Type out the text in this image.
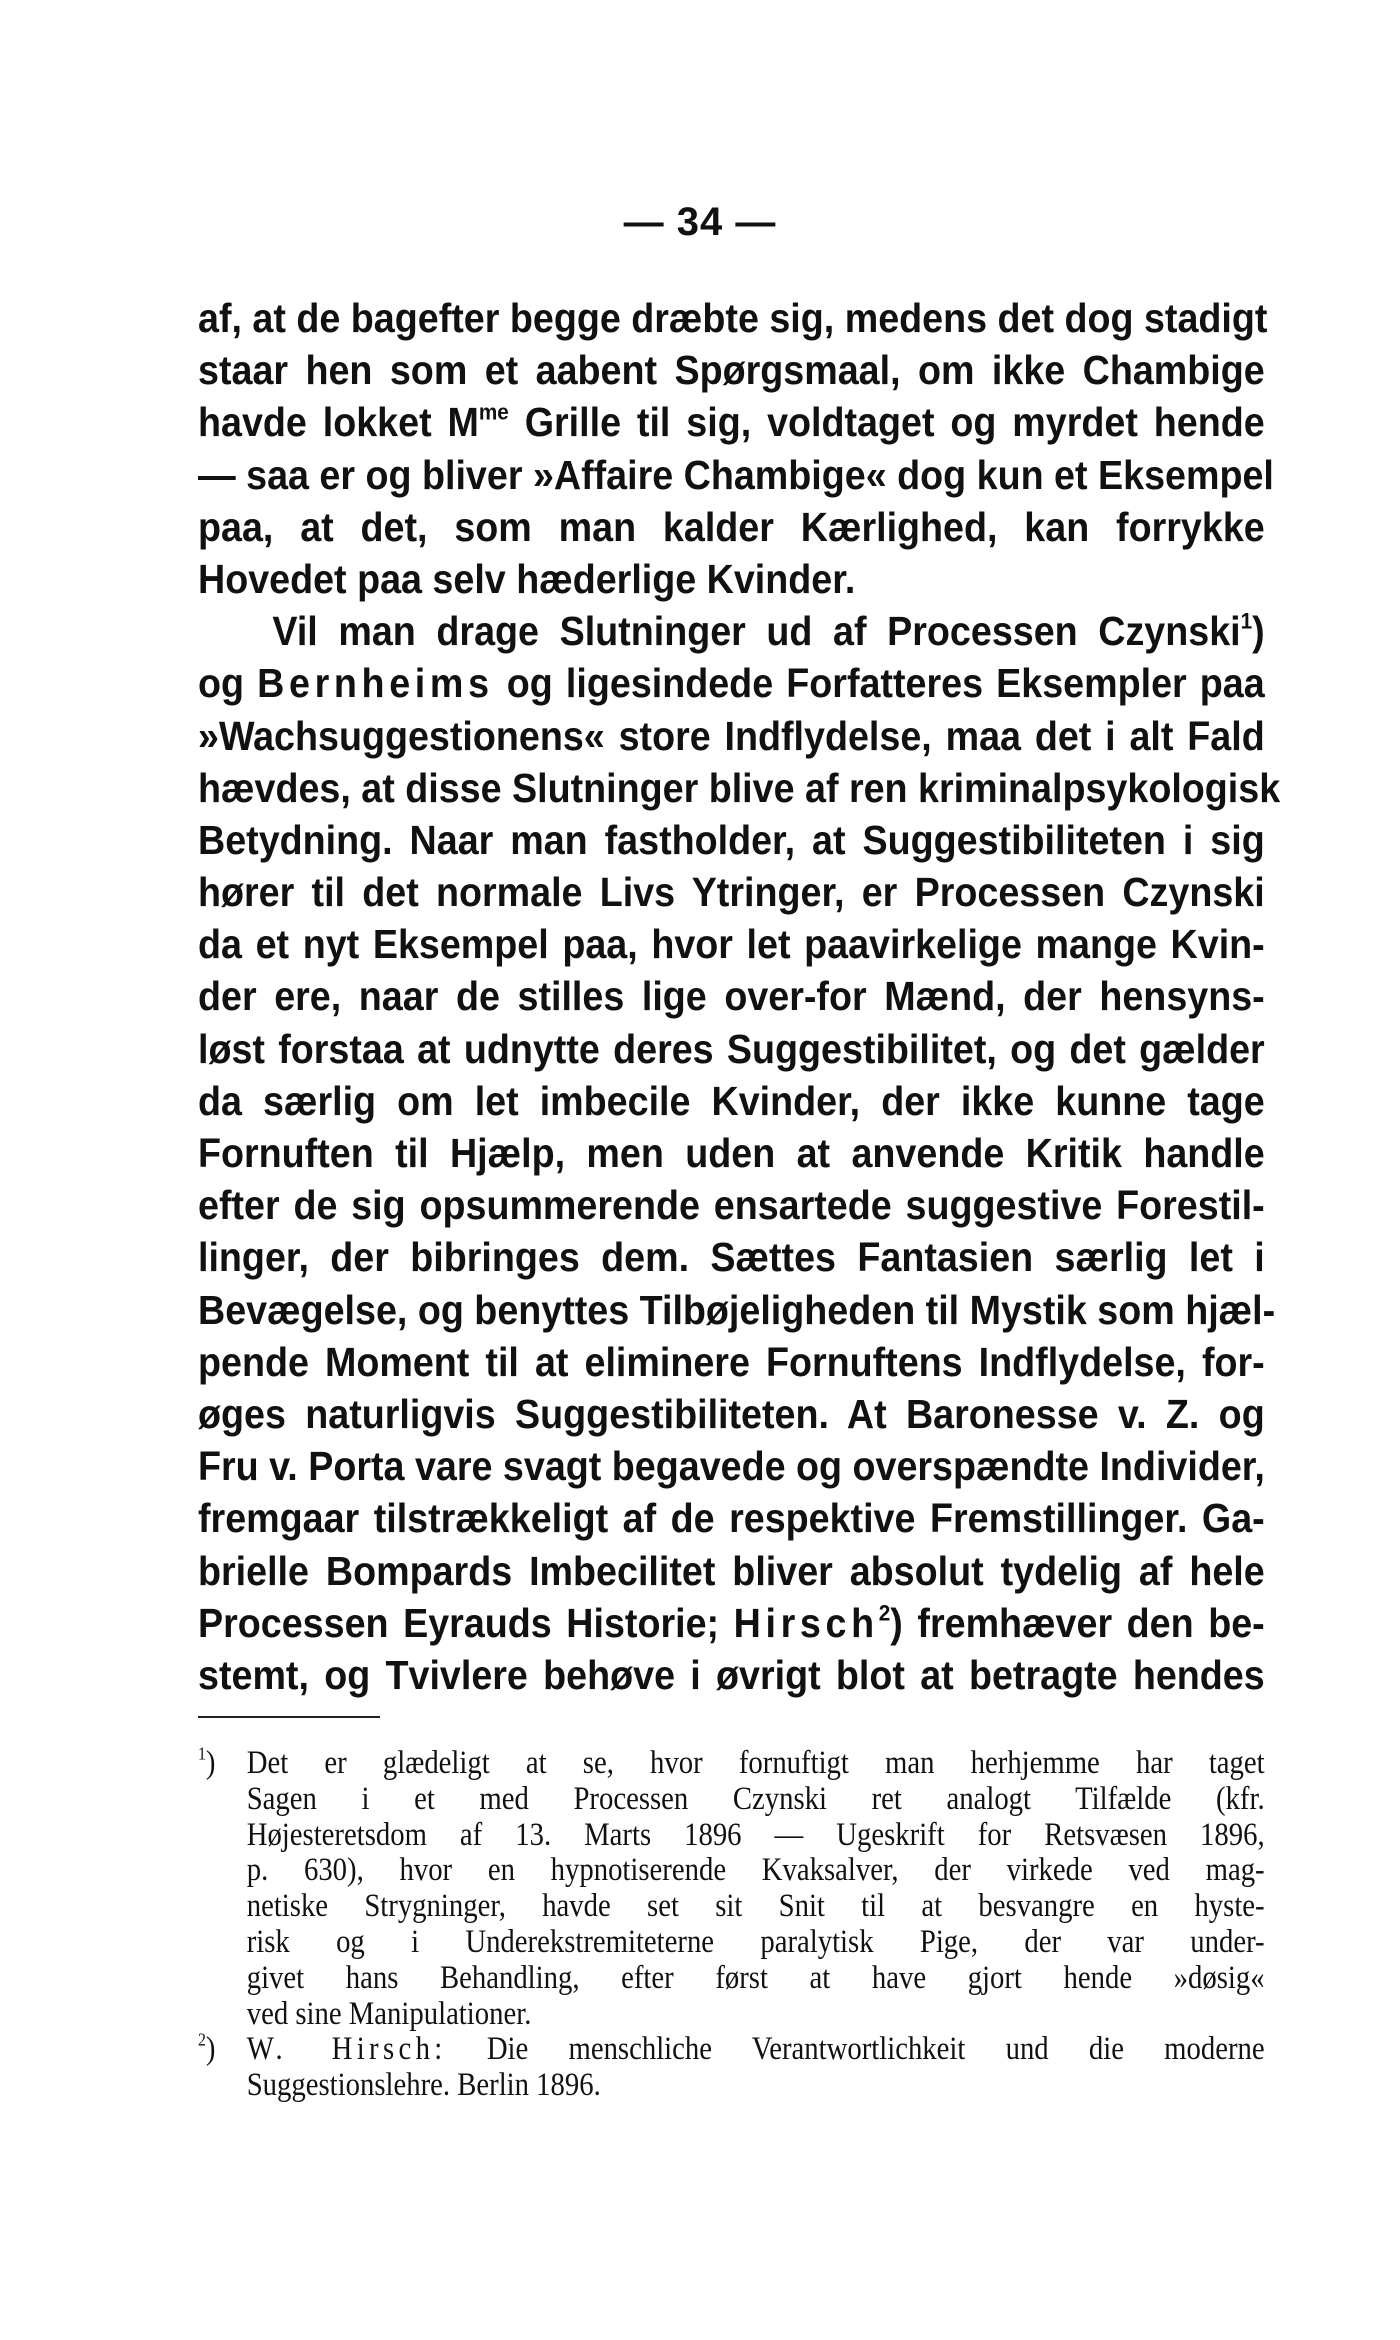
— 34 —
af, at de bagefter begge dræbte sig, medens det dog stadigt
staar hen som et aabent Spørgsmaal, om ikke Chambige
havde lokket $M^{me}$ Grille til sig, voldtaget og myrdet hende
— saa er og bliver »Affaire Chambige« dog kun et Eksempel
paa, at det, som man kalder Kærlighed, kan forrykke
Hovedet paa selv hæderlige Kvinder.
Vil man drage Slutninger ud af Processen Czynski$^1$)
og Bernheims og ligesindede Forfatteres Eksempler paa
»Wachsuggestionens« store Indflydelse, maa det i alt Fald
hævdes, at disse Slutninger blive af ren kriminalpsykologisk
Betydning. Naar man fastholder, at Suggestibiliteten i sig
hører til det normale Livs Ytringer, er Processen Czynski
da et nyt Eksempel paa, hvor let paavirkelige mange Kvin-
der ere, naar de stilles lige over-for Mænd, der hensyns-
løst forstaa at udnytte deres Suggestibilitet, og det gælder
da særlig om let imbecile Kvinder, der ikke kunne tage
Fornuften til Hjælp, men uden at anvende Kritik handle
efter de sig opsummerende ensartede suggestive Forestil-
linger, der bibringes dem. Sættes Fantasien særlig let i
Bevægelse, og benyttes Tilbøjeligheden til Mystik som hjæl-
pende Moment til at eliminere Fornuftens Indflydelse, for-
øges naturligvis Suggestibiliteten. At Baronesse v. Z. og
Fru v. Porta vare svagt begavede og overspændte Individer,
fremgaar tilstrækkeligt af de respektive Fremstillinger. Ga-
brielle Bompards Imbecilitet bliver absolut tydelig af hele
Processen Eyrauds Historie; Hirsch$^2$) fremhæver den be-
stemt, og Tvivlere behøve i øvrigt blot at betragte hendes
$^1$) Det er glædeligt at se, hvor fornuftigt man herhjemme har taget
Sagen i et med Processen Czynski ret analogt Tilfælde (kfr.
Højesteretsdom af 13. Marts 1896 — Ugeskrift for Retsvæsen 1896,
p. 630), hvor en hypnotiserende Kvaksalver, der virkede ved mag-
netiske Strygninger, havde set sit Snit til at besvangre en hyste-
risk og i Underekstremiteterne paralytisk Pige, der var under-
givet hans Behandling, efter først at have gjort hende »døsig«
ved sine Manipulationer.
$^2$) W. Hirsch: Die menschliche Verantwortlichkeit und die moderne
Suggestionslehre. Berlin 1896.
